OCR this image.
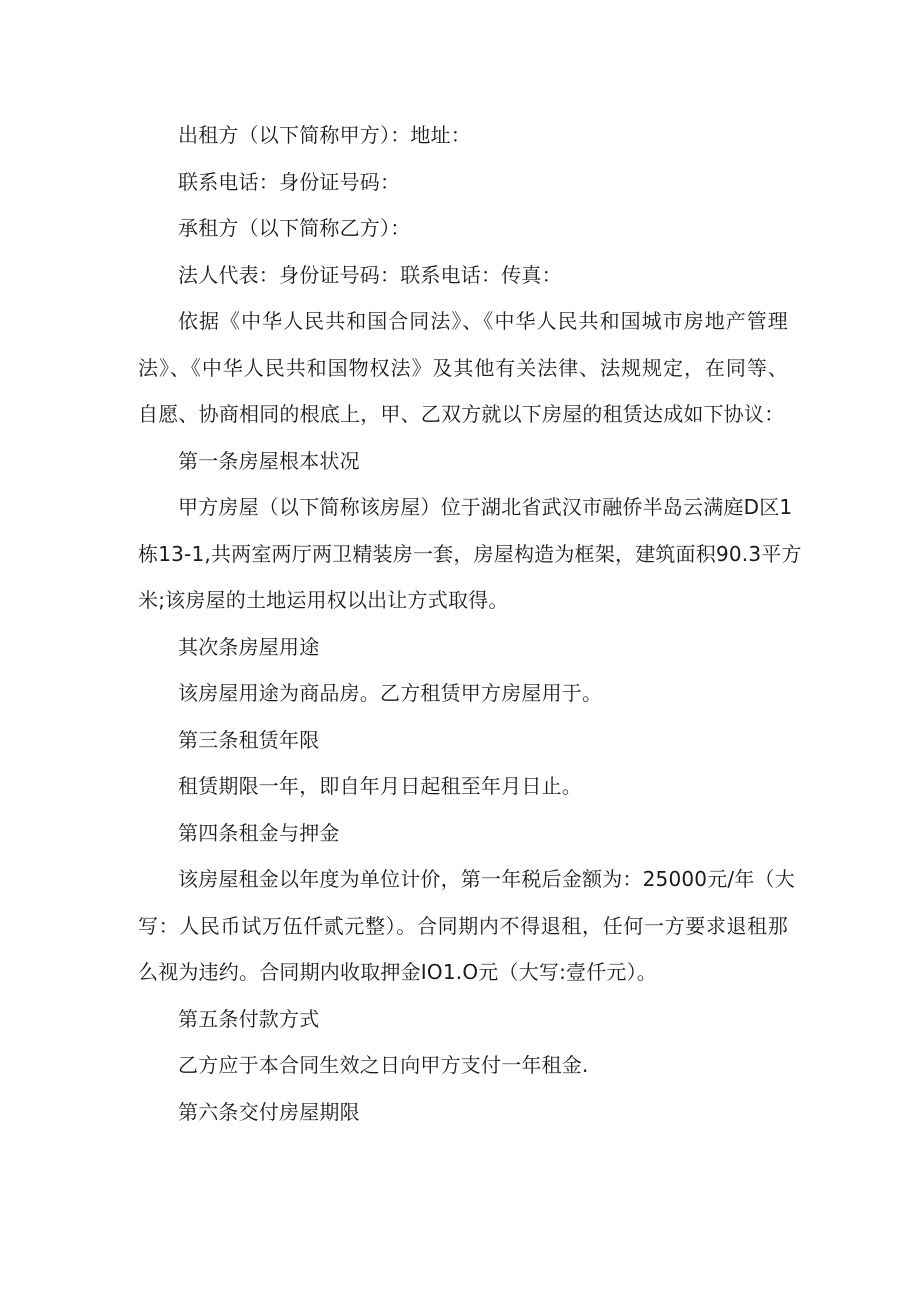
出租方（以下简称甲方）：地址：
联系电话：身份证号码：
承租方（以下简称乙方）：
法人代表：身份证号码：联系电话：传真：
依据《中华人民共和国合同法》、《中华人民共和国城市房地产管理
法》、《中华人民共和国物权法》及其他有关法律、法规规定，在同等、
自愿、协商相同的根底上，甲、乙双方就以下房屋的租赁达成如下协议：
第一条房屋根本状况
甲方房屋（以下简称该房屋）位于湖北省武汉市融侨半岛云满庭D区1
栋13-1,共两室两厅两卫精装房一套，房屋构造为框架，建筑面积90.3平方
米;该房屋的土地运用权以出让方式取得。
其次条房屋用途
该房屋用途为商品房。乙方租赁甲方房屋用于。
第三条租赁年限
租赁期限一年，即自年月日起租至年月日止。
第四条租金与押金
该房屋租金以年度为单位计价，第一年税后金额为：25000元/年（大
写：人民币试万伍仟贰元整）。合同期内不得退租，任何一方要求退租那
么视为违约。合同期内收取押金IO1.O元（大写:壹仟元）。
第五条付款方式
乙方应于本合同生效之日向甲方支付一年租金.
第六条交付房屋期限
